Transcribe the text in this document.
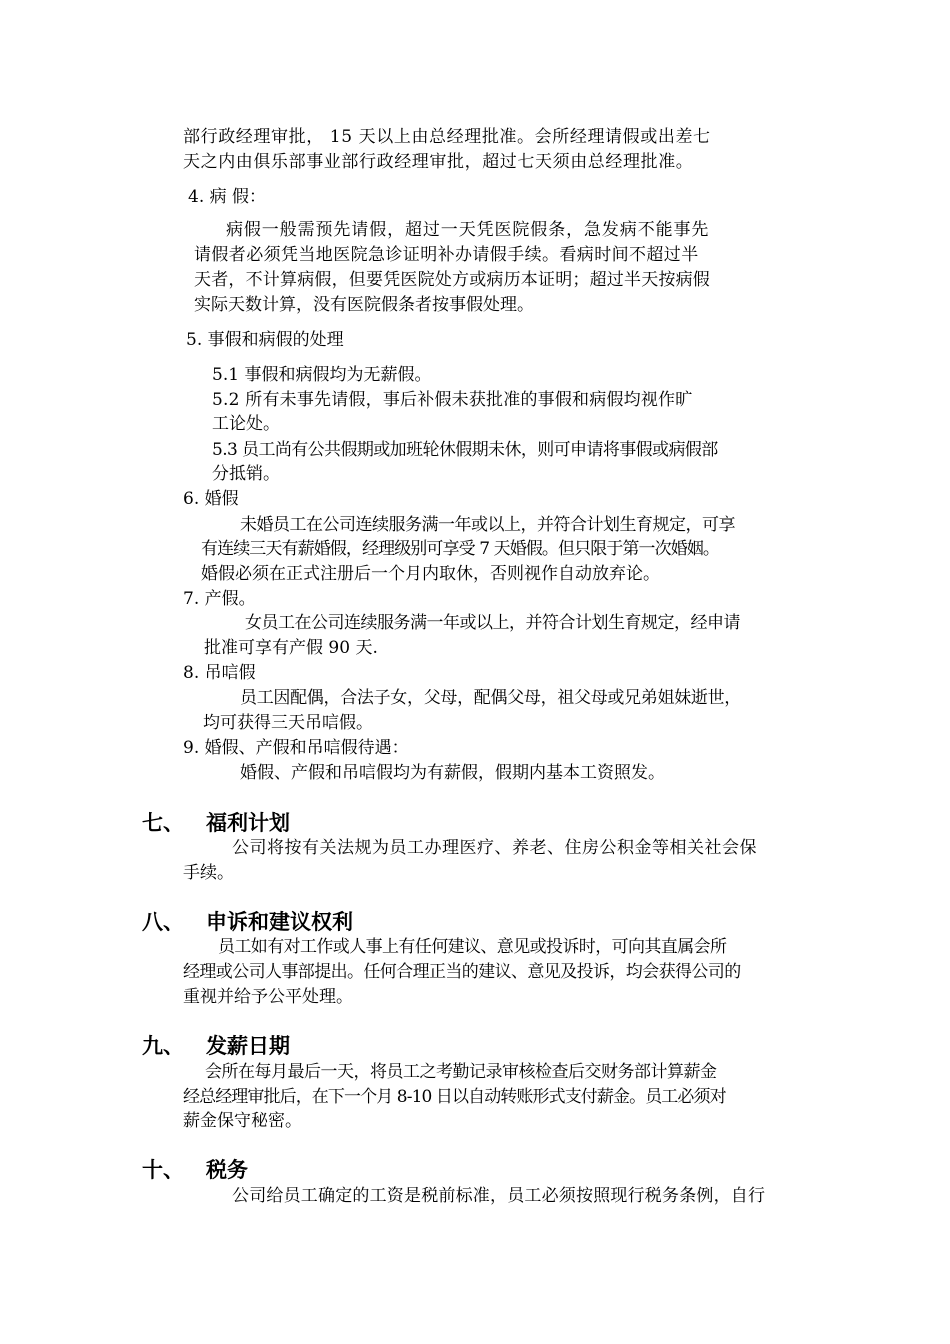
部行政经理审批， 15 天以上由总经理批准。会所经理请假或出差七
天之内由俱乐部事业部行政经理审批，超过七天须由总经理批准。
4. 病 假：
病假一般需预先请假，超过一天凭医院假条，急发病不能事先
请假者必须凭当地医院急诊证明补办请假手续。看病时间不超过半
天者，不计算病假，但要凭医院处方或病历本证明；超过半天按病假
实际天数计算，没有医院假条者按事假处理。
5. 事假和病假的处理
5.1 事假和病假均为无薪假。
5.2 所有未事先请假，事后补假未获批准的事假和病假均视作旷
工论处。
5.3 员工尚有公共假期或加班轮休假期未休，则可申请将事假或病假部
分抵销。
6. 婚假
未婚员工在公司连续服务满一年或以上，并符合计划生育规定，可享
有连续三天有薪婚假，经理级别可享受 7 天婚假。但只限于第一次婚姻。
婚假必须在正式注册后一个月内取休，否则视作自动放弃论。
7. 产假。
女员工在公司连续服务满一年或以上，并符合计划生育规定，经申请
批准可享有产假 90 天.
8. 吊唁假
员工因配偶，合法子女，父母，配偶父母，祖父母或兄弟姐妹逝世，
均可获得三天吊唁假。
9. 婚假、产假和吊唁假待遇：
婚假、产假和吊唁假均为有薪假，假期内基本工资照发。
七、 福利计划
公司将按有关法规为员工办理医疗、养老、住房公积金等相关社会保
手续。
八、 申诉和建议权利
员工如有对工作或人事上有任何建议、意见或投诉时，可向其直属会所
经理或公司人事部提出。任何合理正当的建议、意见及投诉，均会获得公司的
重视并给予公平处理。
九、 发薪日期
会所在每月最后一天，将员工之考勤记录审核检查后交财务部计算薪金
经总经理审批后，在下一个月 8-10 日以自动转账形式支付薪金。员工必须对
薪金保守秘密。
十、 税务
公司给员工确定的工资是税前标准，员工必须按照现行税务条例，自行
